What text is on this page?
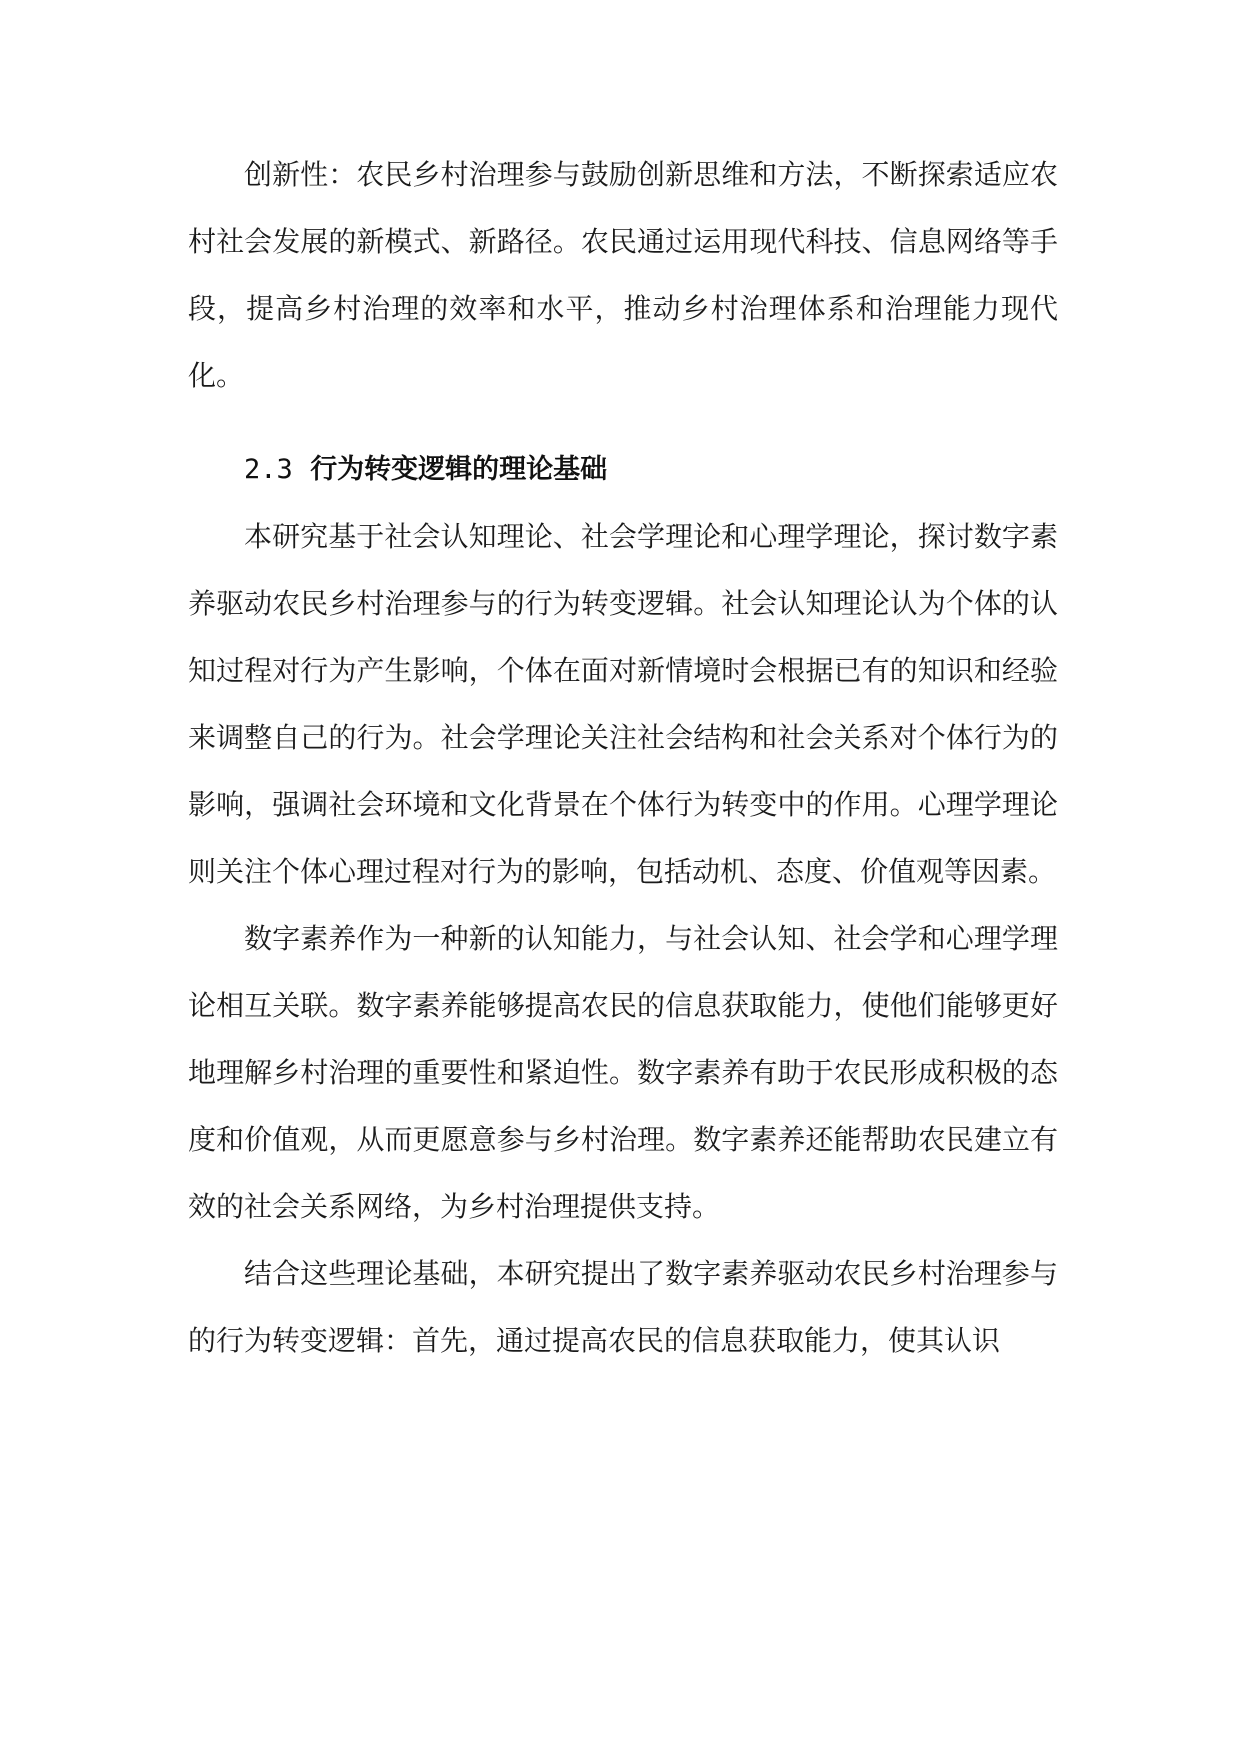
创新性：农民乡村治理参与鼓励创新思维和方法，不断探索适应农村社会发展的新模式、新路径。农民通过运用现代科技、信息网络等手段，提高乡村治理的效率和水平，推动乡村治理体系和治理能力现代化。

2.3 行为转变逻辑的理论基础

本研究基于社会认知理论、社会学理论和心理学理论，探讨数字素养驱动农民乡村治理参与的行为转变逻辑。社会认知理论认为个体的认知过程对行为产生影响，个体在面对新情境时会根据已有的知识和经验来调整自己的行为。社会学理论关注社会结构和社会关系对个体行为的影响，强调社会环境和文化背景在个体行为转变中的作用。心理学理论则关注个体心理过程对行为的影响，包括动机、态度、价值观等因素。

数字素养作为一种新的认知能力，与社会认知、社会学和心理学理论相互关联。数字素养能够提高农民的信息获取能力，使他们能够更好地理解乡村治理的重要性和紧迫性。数字素养有助于农民形成积极的态度和价值观，从而更愿意参与乡村治理。数字素养还能帮助农民建立有效的社会关系网络，为乡村治理提供支持。

结合这些理论基础，本研究提出了数字素养驱动农民乡村治理参与的行为转变逻辑：首先，通过提高农民的信息获取能力，使其认识
